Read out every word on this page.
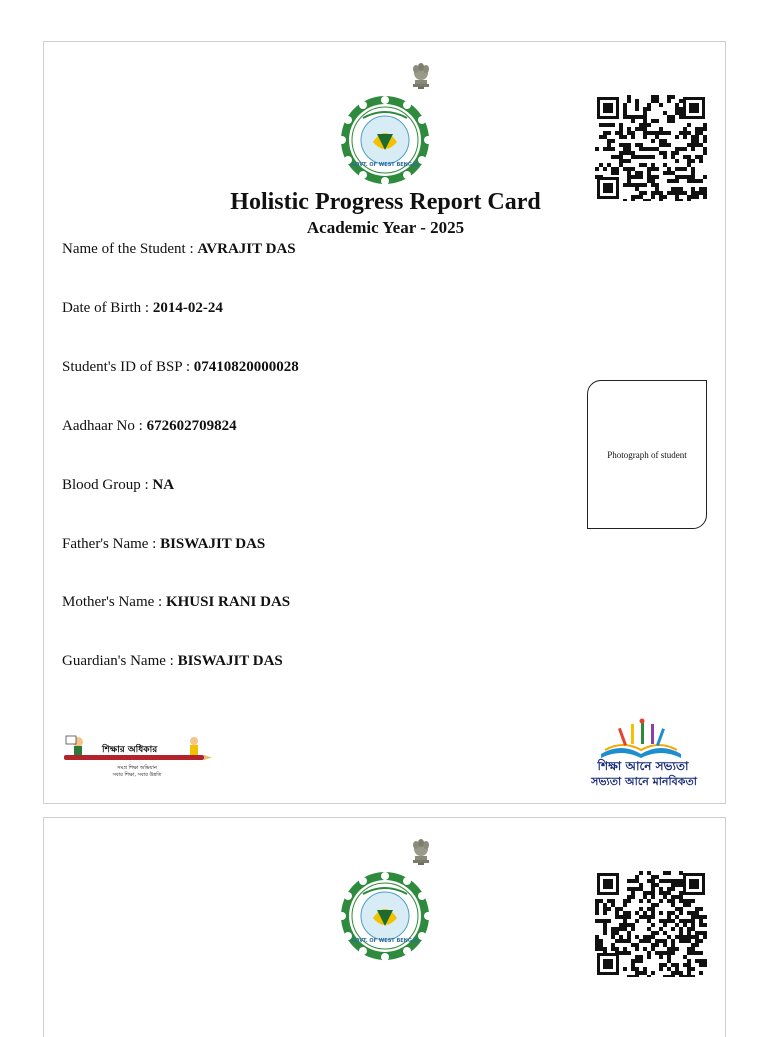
GOVT. OF WEST BENGAL
Holistic Progress Report Card
Academic Year - 2025
Name of the Student : AVRAJIT DAS
Date of Birth : 2014-02-24
Student's ID of BSP : 07410820000028
Aadhaar No : 672602709824
Blood Group : NA
Father's Name : BISWAJIT DAS
Mother's Name : KHUSI RANI DAS
Guardian's Name : BISWAJIT DAS
Photograph of student
শিক্ষার অধিকার
সমগ্র শিক্ষা অভিযান
সবার শিক্ষা, সবার উন্নতি
শিক্ষা আনে সভ্যতা
সভ্যতা আনে মানবিকতা
GOVT. OF WEST BENGAL
